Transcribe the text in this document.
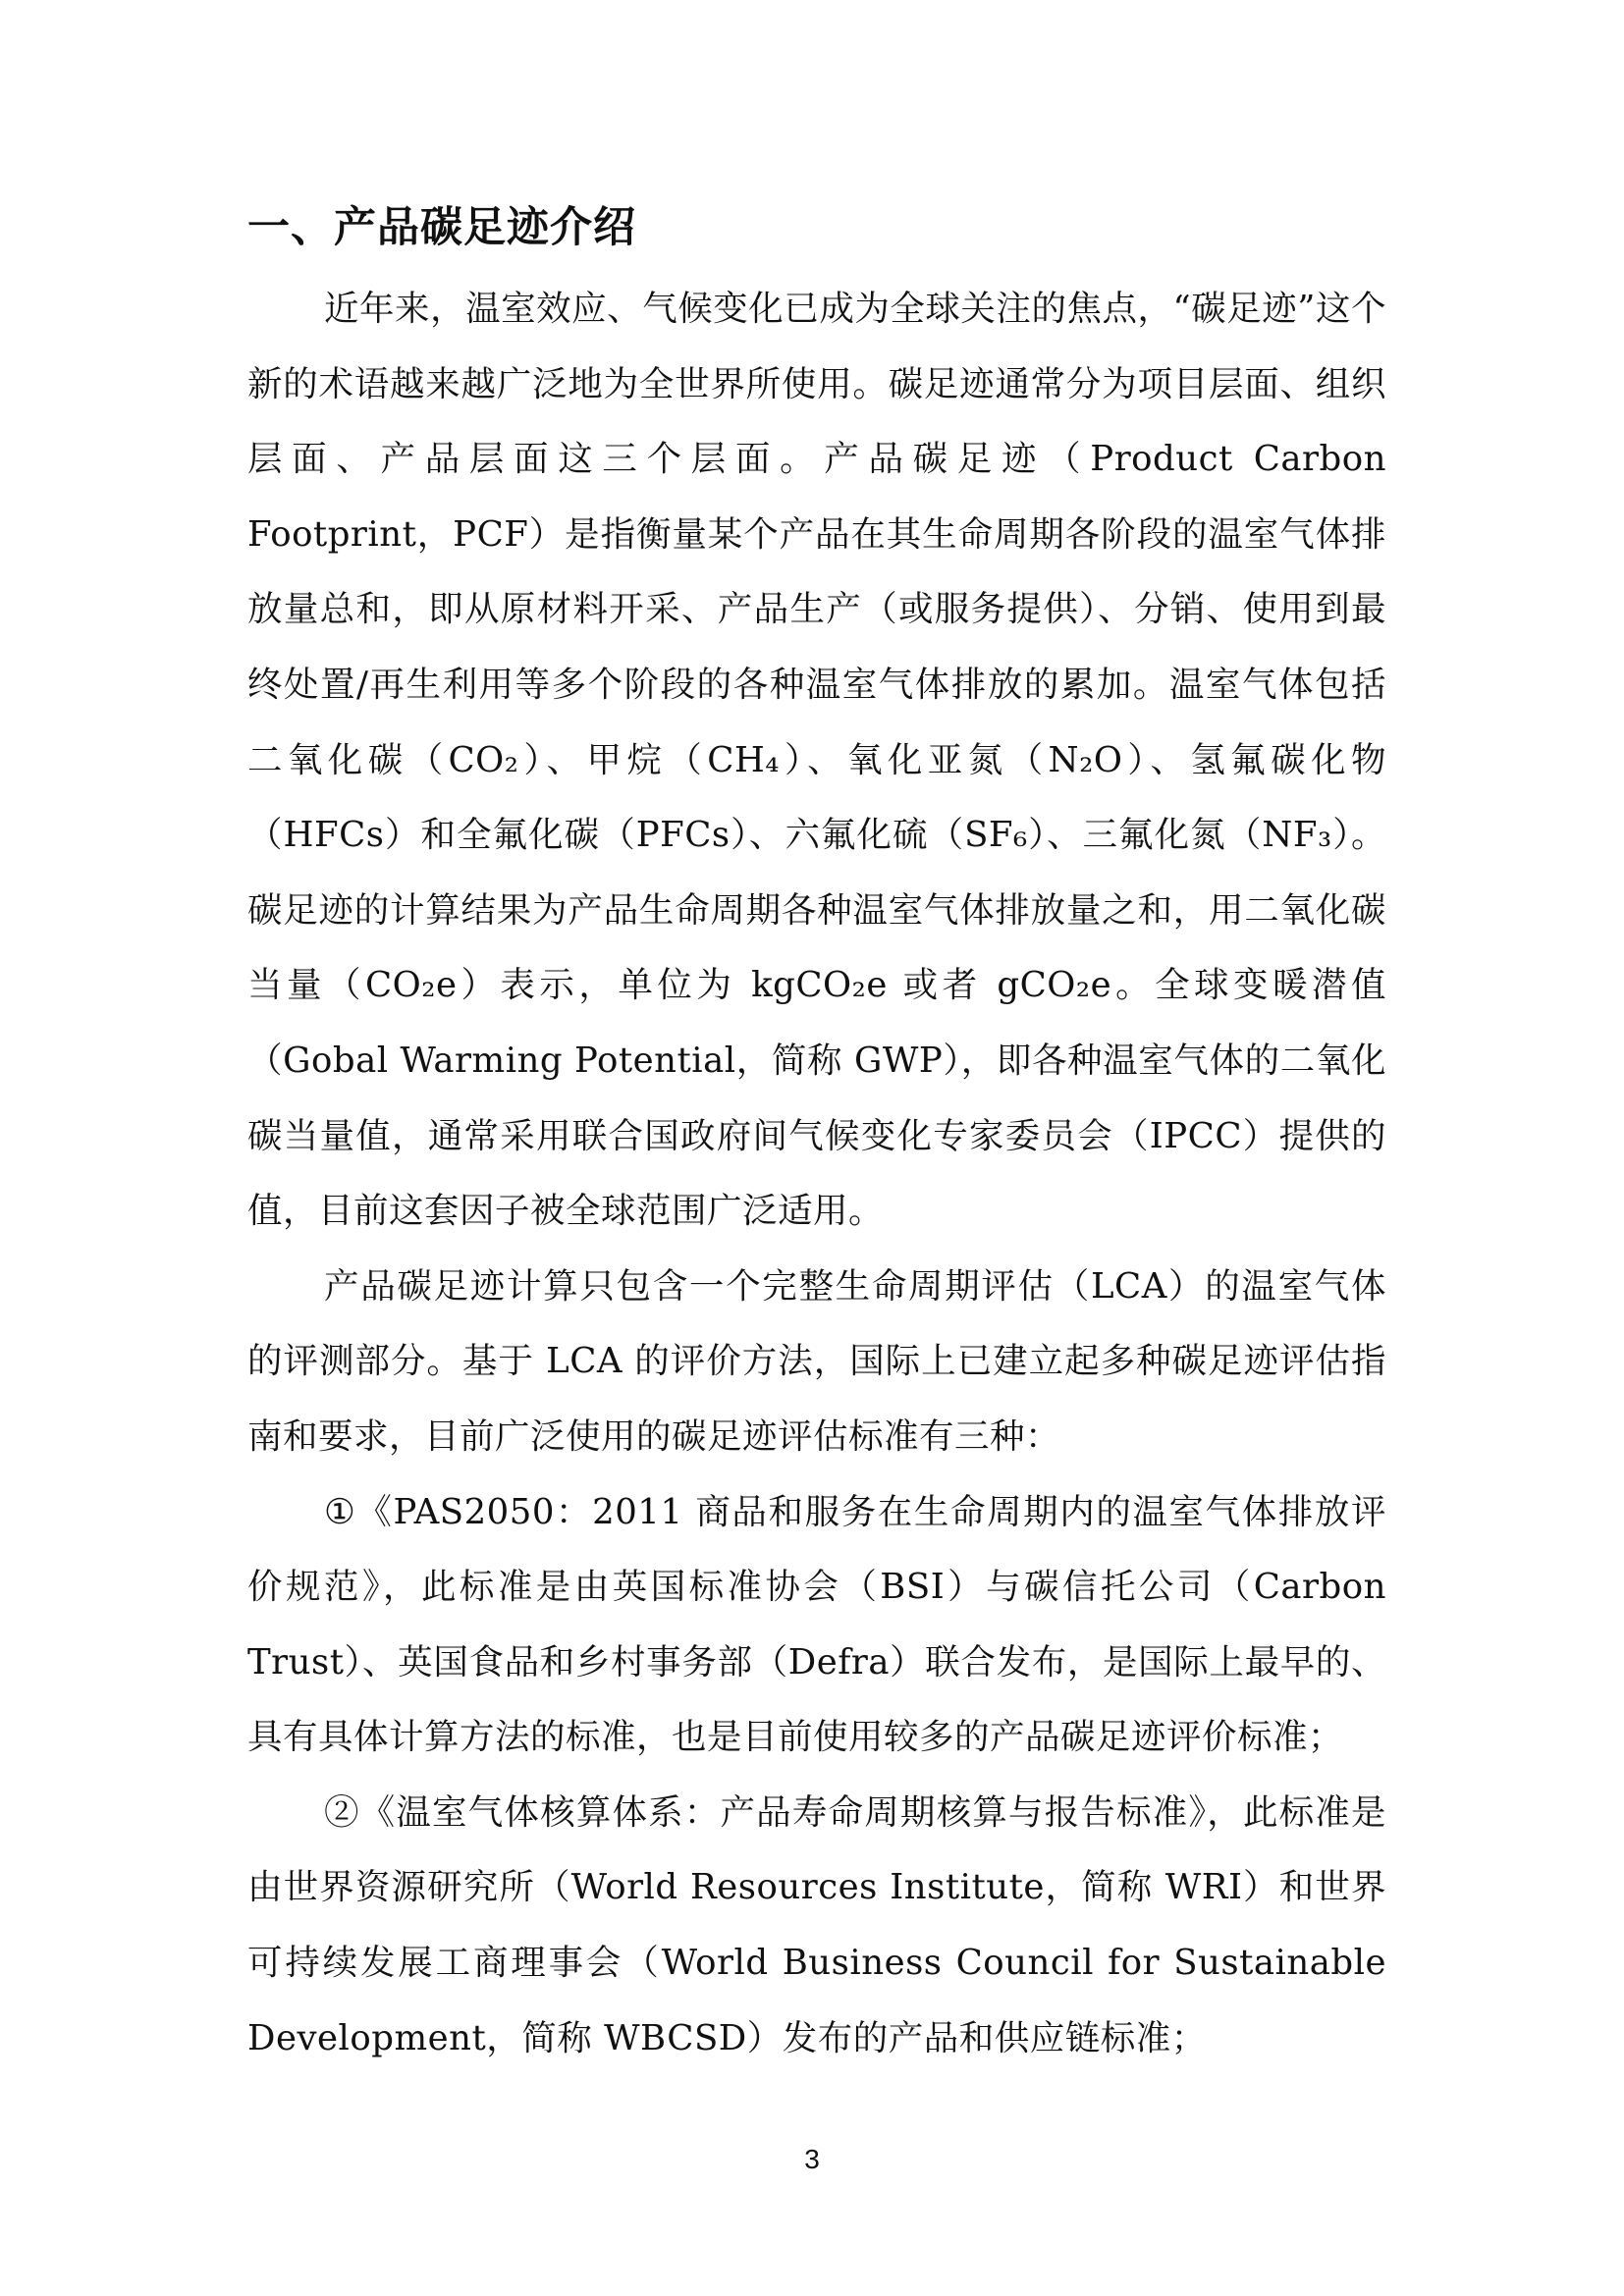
一、产品碳足迹介绍

近年来，温室效应、气候变化已成为全球关注的焦点，“碳足迹”这个新的术语越来越广泛地为全世界所使用。碳足迹通常分为项目层面、组织层面、产品层面这三个层面。产品碳足迹（Product Carbon Footprint，PCF）是指衡量某个产品在其生命周期各阶段的温室气体排放量总和，即从原材料开采、产品生产（或服务提供）、分销、使用到最终处置/再生利用等多个阶段的各种温室气体排放的累加。温室气体包括二氧化碳（CO₂）、甲烷（CH₄）、氧化亚氮（N₂O）、氢氟碳化物（HFCs）和全氟化碳（PFCs）、六氟化硫（SF₆）、三氟化氮（NF₃）。碳足迹的计算结果为产品生命周期各种温室气体排放量之和，用二氧化碳当量（CO₂e）表示，单位为 kgCO₂e 或者 gCO₂e。全球变暖潜值（Gobal Warming Potential，简称 GWP），即各种温室气体的二氧化碳当量值，通常采用联合国政府间气候变化专家委员会（IPCC）提供的值，目前这套因子被全球范围广泛适用。

产品碳足迹计算只包含一个完整生命周期评估（LCA）的温室气体的评测部分。基于 LCA 的评价方法，国际上已建立起多种碳足迹评估指南和要求，目前广泛使用的碳足迹评估标准有三种：

①《PAS2050：2011 商品和服务在生命周期内的温室气体排放评价规范》，此标准是由英国标准协会（BSI）与碳信托公司（Carbon Trust）、英国食品和乡村事务部（Defra）联合发布，是国际上最早的、具有具体计算方法的标准，也是目前使用较多的产品碳足迹评价标准；

②《温室气体核算体系：产品寿命周期核算与报告标准》，此标准是由世界资源研究所（World Resources Institute，简称 WRI）和世界可持续发展工商理事会（World Business Council for Sustainable Development，简称 WBCSD）发布的产品和供应链标准；

3
